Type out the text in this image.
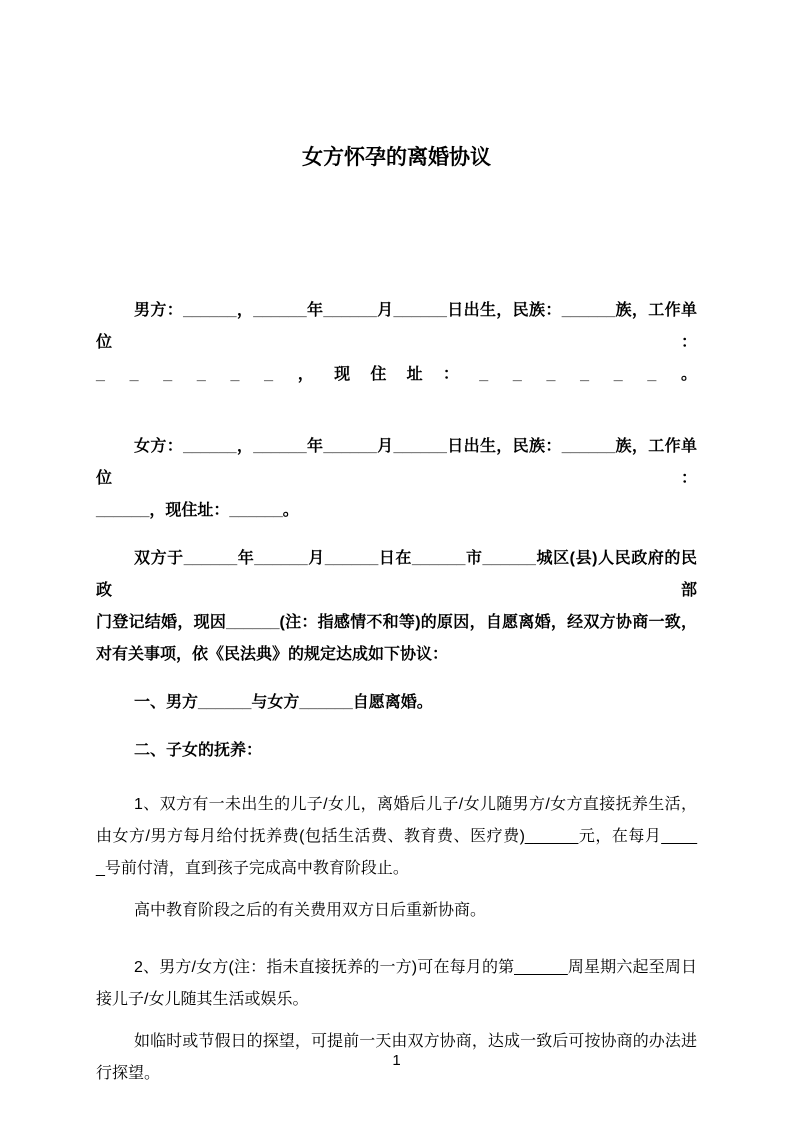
女方怀孕的离婚协议
男方：______，______年______月______日出生，民族：______族，工作单位：
_ _ _ _ _ _ ，现住址：_ _ _ _ _ _ 。
女方：______，______年______月______日出生，民族：______族，工作单位：
______，现住址：______。
双方于______年______月______日在______市______城区(县)人民政府的民政部
门登记结婚，现因______(注：指感情不和等)的原因，自愿离婚，经双方协商一致，
对有关事项，依《民法典》的规定达成如下协议：
一、男方______与女方______自愿离婚。
二、子女的抚养：
1、双方有一未出生的儿子/女儿，离婚后儿子/女儿随男方/女方直接抚养生活，
由女方/男方每月给付抚养费(包括生活费、教育费、医疗费)______元，在每月____
_号前付清，直到孩子完成高中教育阶段止。
高中教育阶段之后的有关费用双方日后重新协商。
2、男方/女方(注：指未直接抚养的一方)可在每月的第______周星期六起至周日
接儿子/女儿随其生活或娱乐。
如临时或节假日的探望，可提前一天由双方协商，达成一致后可按协商的办法进
行探望。
1
